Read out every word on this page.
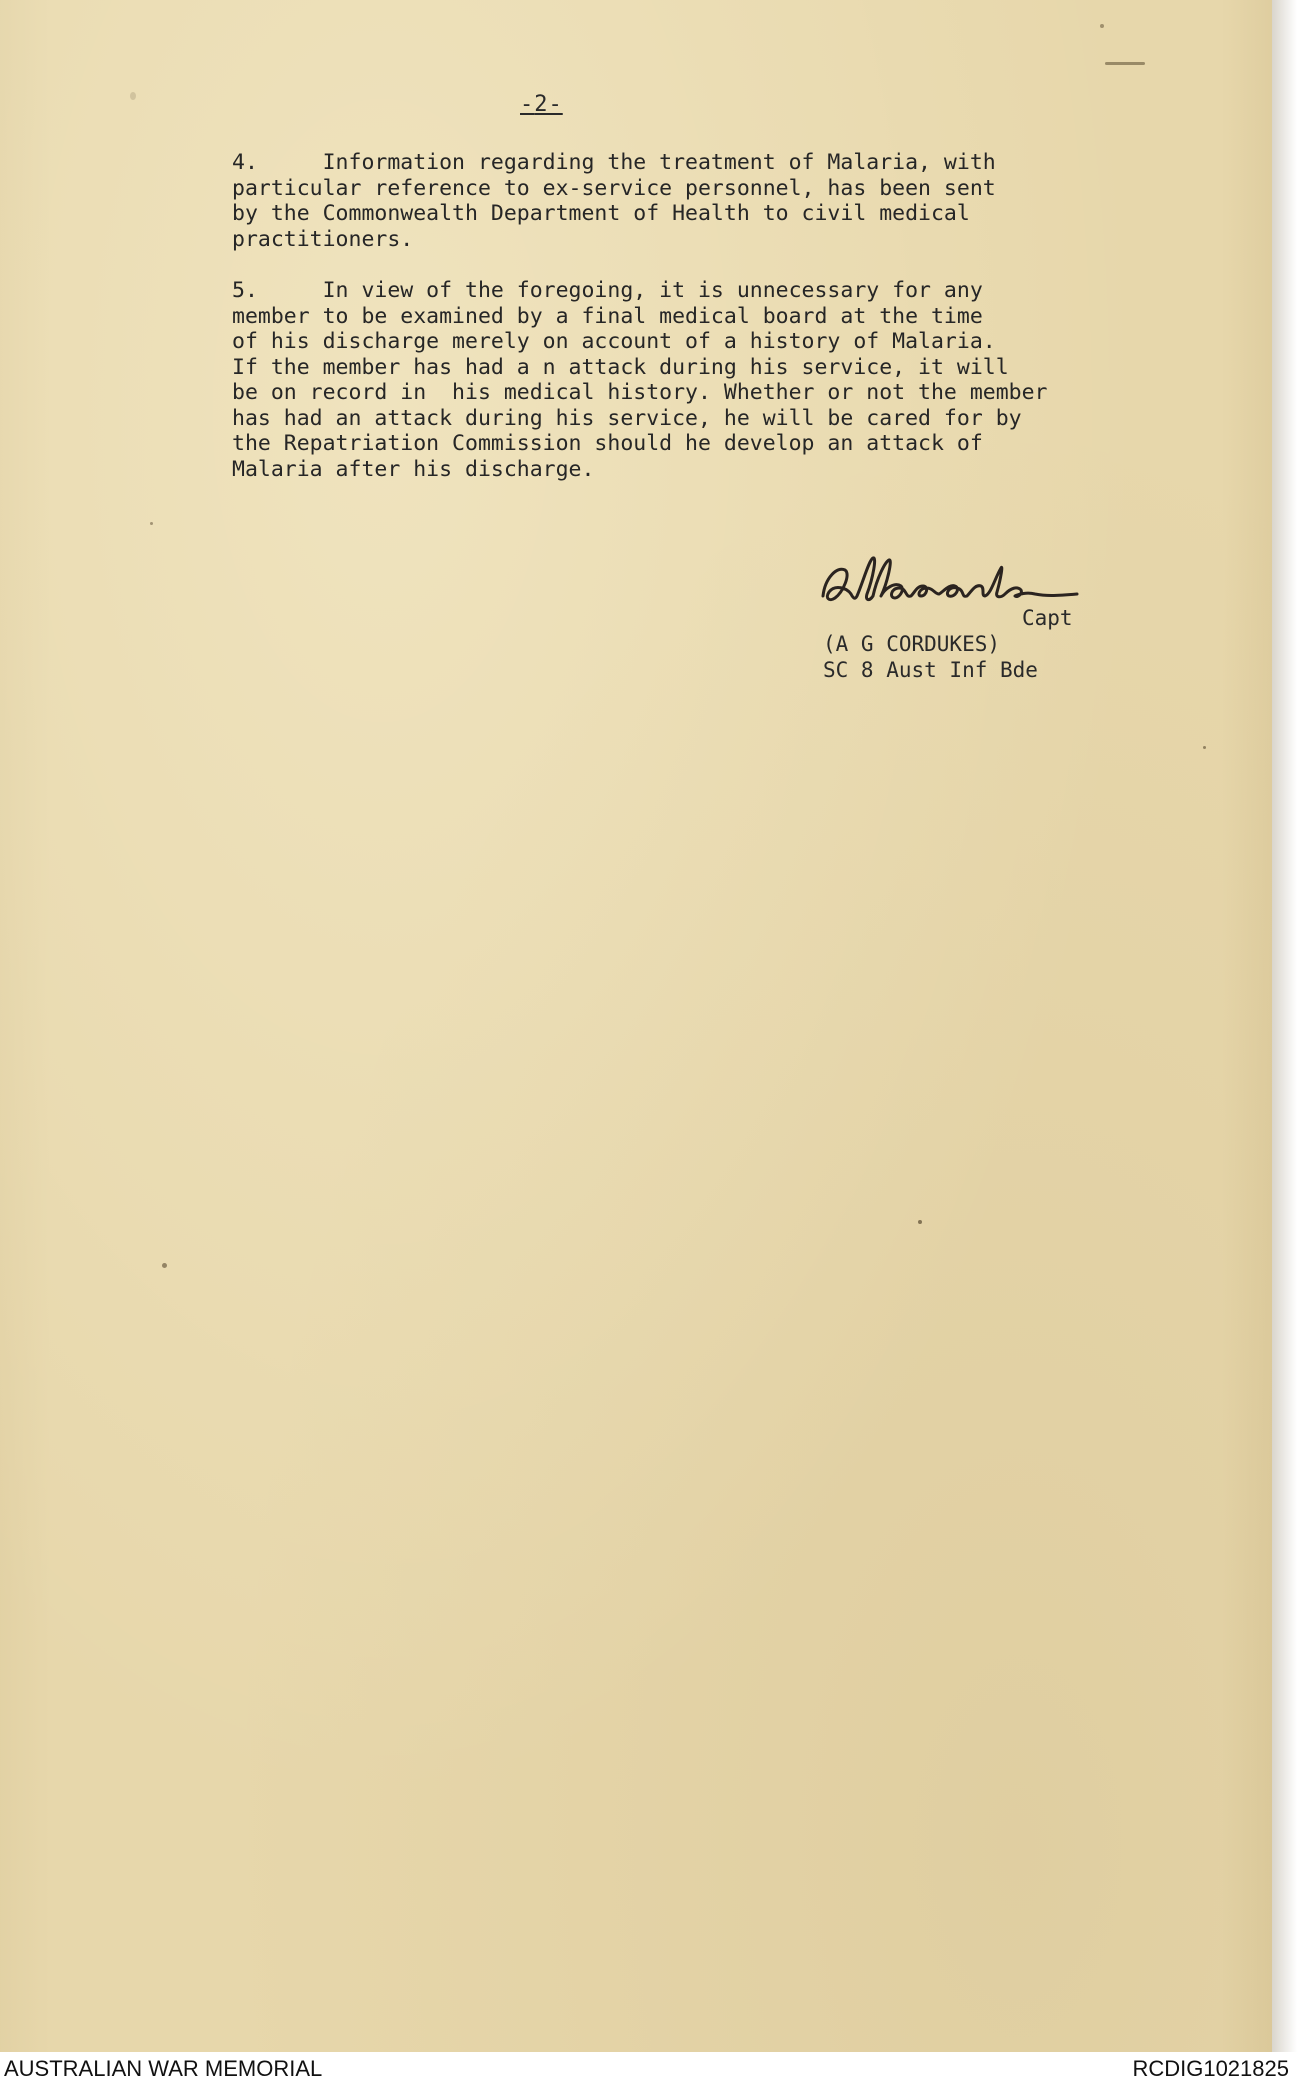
-2-

4.     Information regarding the treatment of Malaria, with
particular reference to ex-service personnel, has been sent
by the Commonwealth Department of Health to civil medical
practitioners.

5.     In view of the foregoing, it is unnecessary for any
member to be examined by a final medical board at the time
of his discharge merely on account of a history of Malaria.
If the member has had a n attack during his service, it will
be on record in  his medical history. Whether or not the member
has had an attack during his service, he will be cared for by
the Repatriation Commission should he develop an attack of
Malaria after his discharge.

Capt
(A G CORDUKES)
SC 8 Aust Inf Bde
AUSTRALIAN WAR MEMORIAL	RCDIG1021825
